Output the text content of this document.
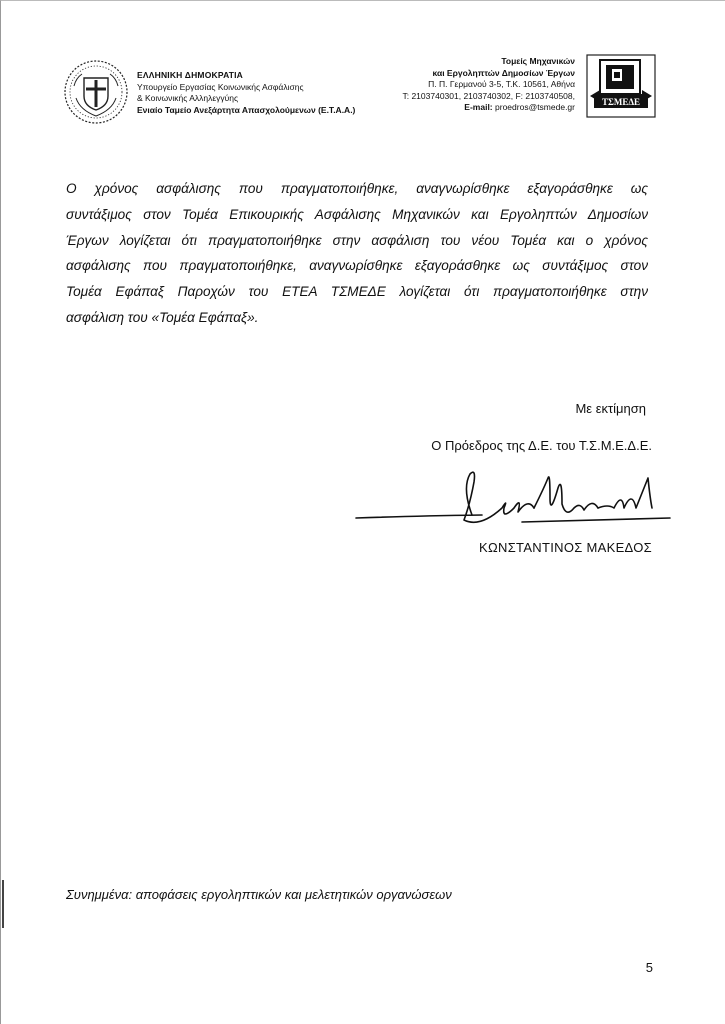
ΕΛΛΗΝΙΚΗ ΔΗΜΟΚΡΑΤΙΑ
Υπουργείο Εργασίας Κοινωνικής Ασφάλισης
& Κοινωνικής Αλληλεγγύης
Ενιαίο Ταμείο Ανεξάρτητα Απασχολούμενων (Ε.Τ.Α.Α.)
Τομείς Μηχανικών
και Εργοληπτών Δημοσίων Έργων
Π. Π. Γερμανού 3-5, Τ.Κ. 10561, Αθήνα
Τ: 2103740301, 2103740302, F: 2103740508,
E-mail: proedros@tsmede.gr	ΤΣΜΕΔΕ
Ο χρόνος ασφάλισης που πραγματοποιήθηκε, αναγνωρίσθηκε εξαγοράσθηκε ως
συντάξιμος στον Τομέα Επικουρικής Ασφάλισης Μηχανικών και Εργοληπτών Δημοσίων
Έργων λογίζεται ότι πραγματοποιήθηκε στην ασφάλιση του νέου Τομέα και ο χρόνος
ασφάλισης που πραγματοποιήθηκε, αναγνωρίσθηκε εξαγοράσθηκε ως συντάξιμος στον
Τομέα Εφάπαξ Παροχών του ΕΤΕΑ ΤΣΜΕΔΕ λογίζεται ότι πραγματοποιήθηκε στην
ασφάλιση του «Τομέα Εφάπαξ».
Με εκτίμηση
Ο Πρόεδρος της Δ.Ε. του Τ.Σ.Μ.Ε.Δ.Ε.
ΚΩΝΣΤΑΝΤΙΝΟΣ ΜΑΚΕΔΟΣ
Συνημμένα: αποφάσεις εργοληπτικών και μελετητικών οργανώσεων
5
